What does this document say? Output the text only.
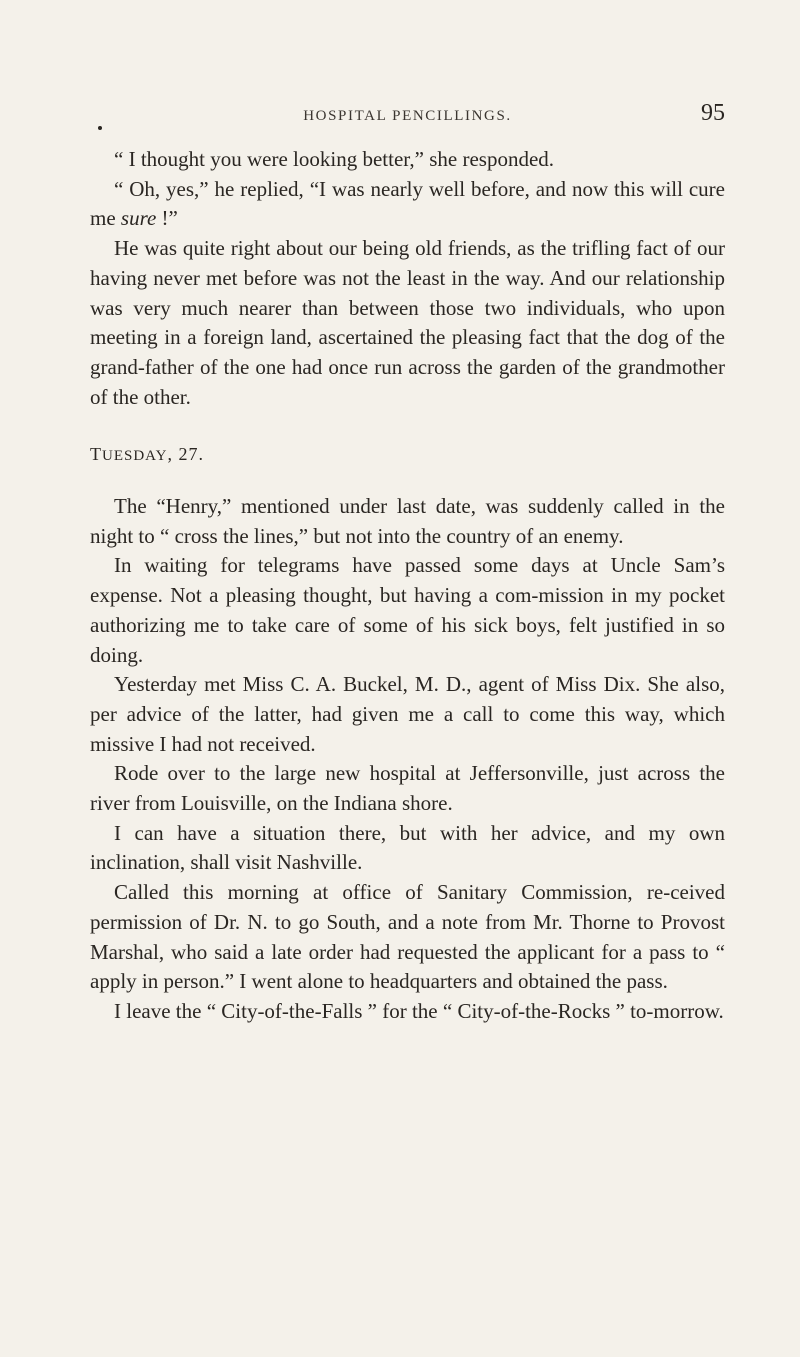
HOSPITAL PENCILLINGS.	95

“ I thought you were looking better,” she responded.

“ Oh, yes,” he replied, “I was nearly well before, and now this will cure me sure !”

He was quite right about our being old friends, as the trifling fact of our having never met before was not the least in the way. And our relationship was very much nearer than between those two individuals, who upon meeting in a foreign land, ascertained the pleasing fact that the dog of the grand-father of the one had once run across the garden of the grandmother of the other.

TUESDAY, 27.

The “Henry,” mentioned under last date, was suddenly called in the night to “ cross the lines,” but not into the country of an enemy.

In waiting for telegrams have passed some days at Uncle Sam’s expense. Not a pleasing thought, but having a com-mission in my pocket authorizing me to take care of some of his sick boys, felt justified in so doing.

Yesterday met Miss C. A. Buckel, M. D., agent of Miss Dix. She also, per advice of the latter, had given me a call to come this way, which missive I had not received.

Rode over to the large new hospital at Jeffersonville, just across the river from Louisville, on the Indiana shore.

I can have a situation there, but with her advice, and my own inclination, shall visit Nashville.

Called this morning at office of Sanitary Commission, re-ceived permission of Dr. N. to go South, and a note from Mr. Thorne to Provost Marshal, who said a late order had requested the applicant for a pass to “ apply in person.” I went alone to headquarters and obtained the pass.

I leave the “ City-of-the-Falls ” for the “ City-of-the-Rocks ” to-morrow.
